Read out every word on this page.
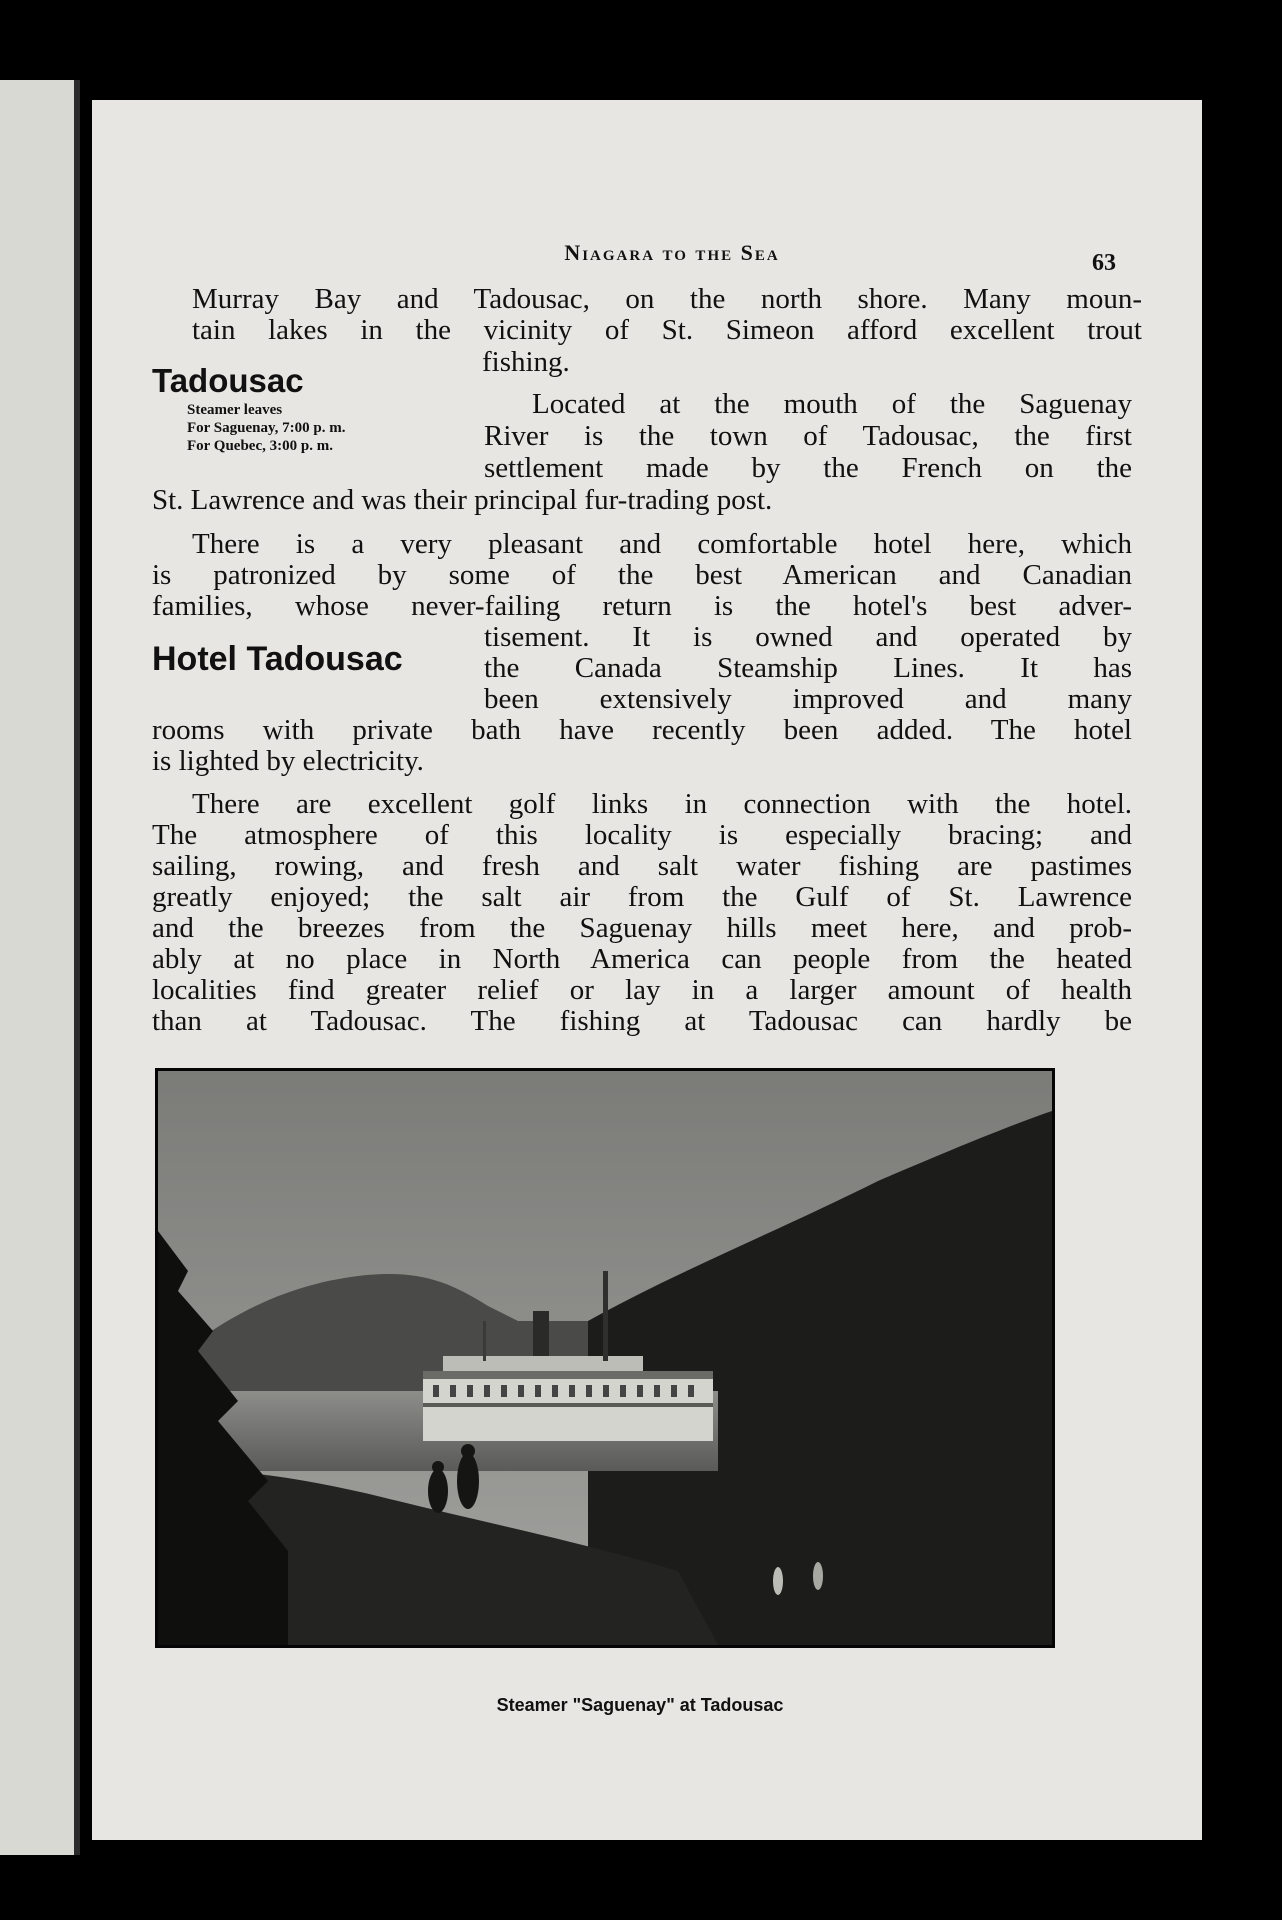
Niagara to the Sea	63
Murray Bay and Tadousac, on the north shore. Many moun-
tain lakes in the vicinity of St. Simeon afford excellent trout
fishing.
Tadousac
Steamer leaves
For Saguenay, 7:00 p. m.
For Quebec, 3:00 p. m.
Located at the mouth of the Saguenay
River is the town of Tadousac, the first
settlement made by the French on the
St. Lawrence and was their principal fur-trading post.
There is a very pleasant and comfortable hotel here, which
is patronized by some of the best American and Canadian
families, whose never-failing return is the hotel's best adver-
tisement. It is owned and operated by
Hotel Tadousac	the Canada Steamship Lines. It has
been extensively improved and many
rooms with private bath have recently been added. The hotel
is lighted by electricity.
There are excellent golf links in connection with the hotel.
The atmosphere of this locality is especially bracing; and
sailing, rowing, and fresh and salt water fishing are pastimes
greatly enjoyed; the salt air from the Gulf of St. Lawrence
and the breezes from the Saguenay hills meet here, and prob-
ably at no place in North America can people from the heated
localities find greater relief or lay in a larger amount of health
than at Tadousac. The fishing at Tadousac can hardly be
Steamer "Saguenay" at Tadousac
